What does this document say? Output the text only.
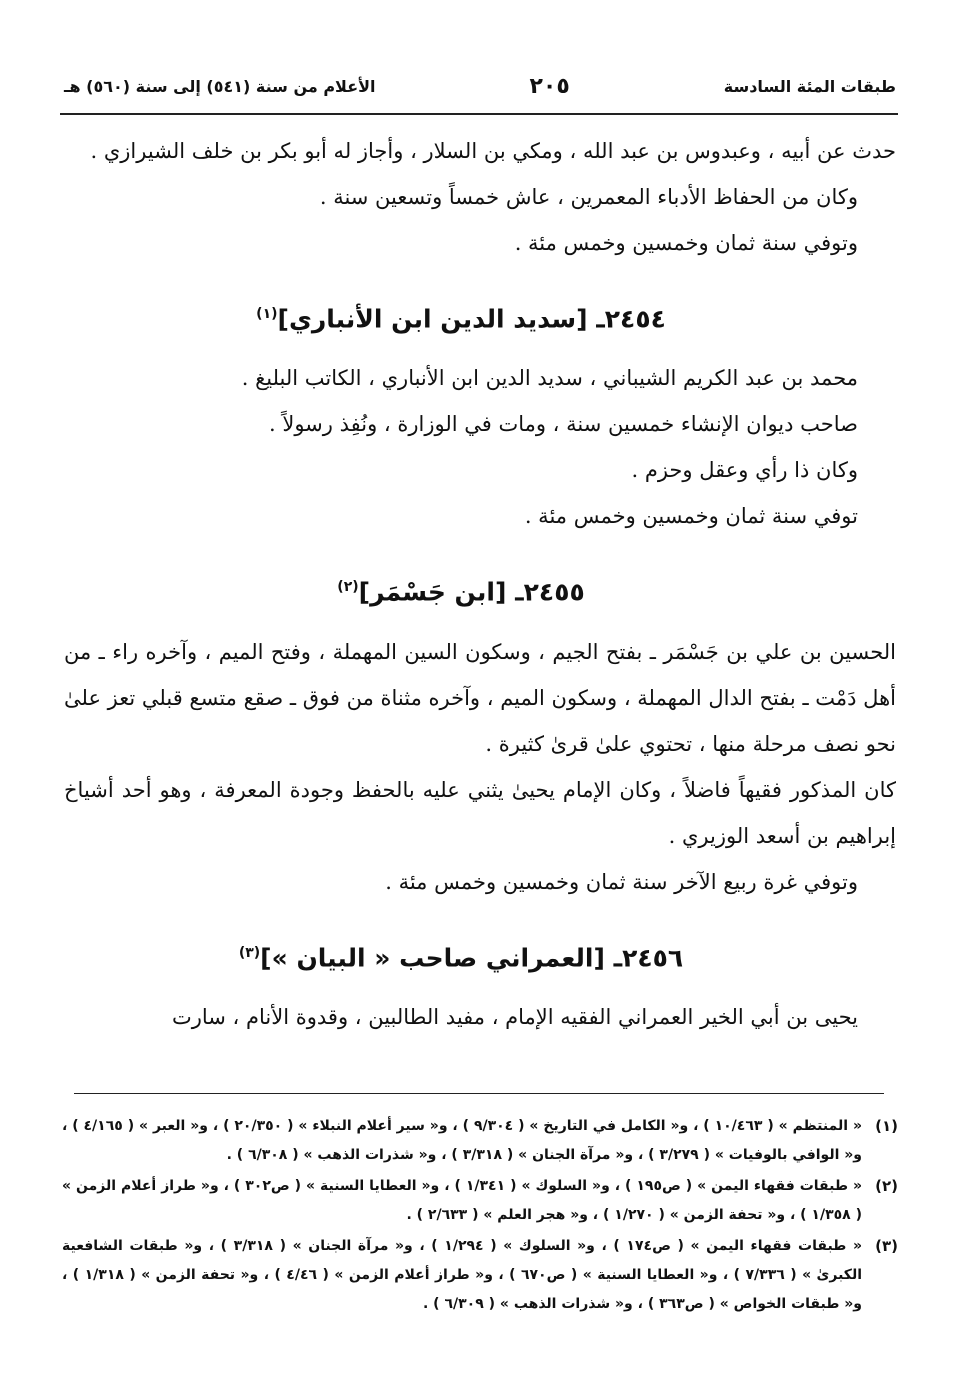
طبقات المئة السادسة
٢٠٥
الأعلام من سنة (٥٤١) إلى سنة (٥٦٠) هـ

حدث عن أبيه ، وعبدوس بن عبد الله ، ومكي بن السلار ، وأجاز له أبو بكر بن خلف الشيرازي .

وكان من الحفاظ الأدباء المعمرين ، عاش خمساً وتسعين سنة .

وتوفي سنة ثمان وخمسين وخمس مئة .

٢٤٥٤ـ [سديد الدين ابن الأنباري]$^{(١)}$

محمد بن عبد الكريم الشيباني ، سديد الدين ابن الأنباري ، الكاتب البليغ .

صاحب ديوان الإنشاء خمسين سنة ، ومات في الوزارة ، ونُفِذ رسولاً .

وكان ذا رأي وعقل وحزم .

توفي سنة ثمان وخمسين وخمس مئة .

٢٤٥٥ـ [ابن جَسْمَر]$^{(٢)}$

الحسين بن علي بن جَسْمَر ـ بفتح الجيم ، وسكون السين المهملة ، وفتح الميم ، وآخره راء ـ من أهل دَمْت ـ بفتح الدال المهملة ، وسكون الميم ، وآخره مثناة من فوق ـ صقع متسع قبلي تعز علىٰ نحو نصف مرحلة منها ، تحتوي علىٰ قرىٰ كثيرة .

كان المذكور فقيهاً فاضلاً ، وكان الإمام يحيىٰ يثني عليه بالحفظ وجودة المعرفة ، وهو أحد أشياخ إبراهيم بن أسعد الوزيري .

وتوفي غرة ربيع الآخر سنة ثمان وخمسين وخمس مئة .

٢٤٥٦ـ [العمراني صاحب « البيان »]$^{(٣)}$

يحيى بن أبي الخير العمراني الفقيه الإمام ، مفيد الطالبين ، وقدوة الأنام ، سارت

(١)
« المنتظم » ( ١٠/٤٦٣ ) ، و« الكامل في التاريخ » ( ٩/٣٠٤ ) ، و« سير أعلام النبلاء » ( ٢٠/٣٥٠ ) ، و« العبر » ( ٤/١٦٥ ) ، و« الوافي بالوفيات » ( ٣/٢٧٩ ) ، و« مرآة الجنان » ( ٣/٣١٨ ) ، و« شذرات الذهب » ( ٦/٣٠٨ ) .
(٢)
« طبقات فقهاء اليمن » ( ص١٩٥ ) ، و« السلوك » ( ١/٣٤١ ) ، و« العطايا السنية » ( ص٣٠٢ ) ، و« طراز أعلام الزمن » ( ١/٣٥٨ ) ، و« تحفة الزمن » ( ١/٢٧٠ ) ، و« هجر العلم » ( ٢/٦٣٣ ) .
(٣)
« طبقات فقهاء اليمن » ( ص١٧٤ ) ، و« السلوك » ( ١/٢٩٤ ) ، و« مرآة الجنان » ( ٣/٣١٨ ) ، و« طبقات الشافعية الكبرىٰ » ( ٧/٣٣٦ ) ، و« العطايا السنية » ( ص٦٧٠ ) ، و« طراز أعلام الزمن » ( ٤/٤٦ ) ، و« تحفة الزمن » ( ١/٣١٨ ) ، و« طبقات الخواص » ( ص٣٦٣ ) ، و« شذرات الذهب » ( ٦/٣٠٩ ) .
